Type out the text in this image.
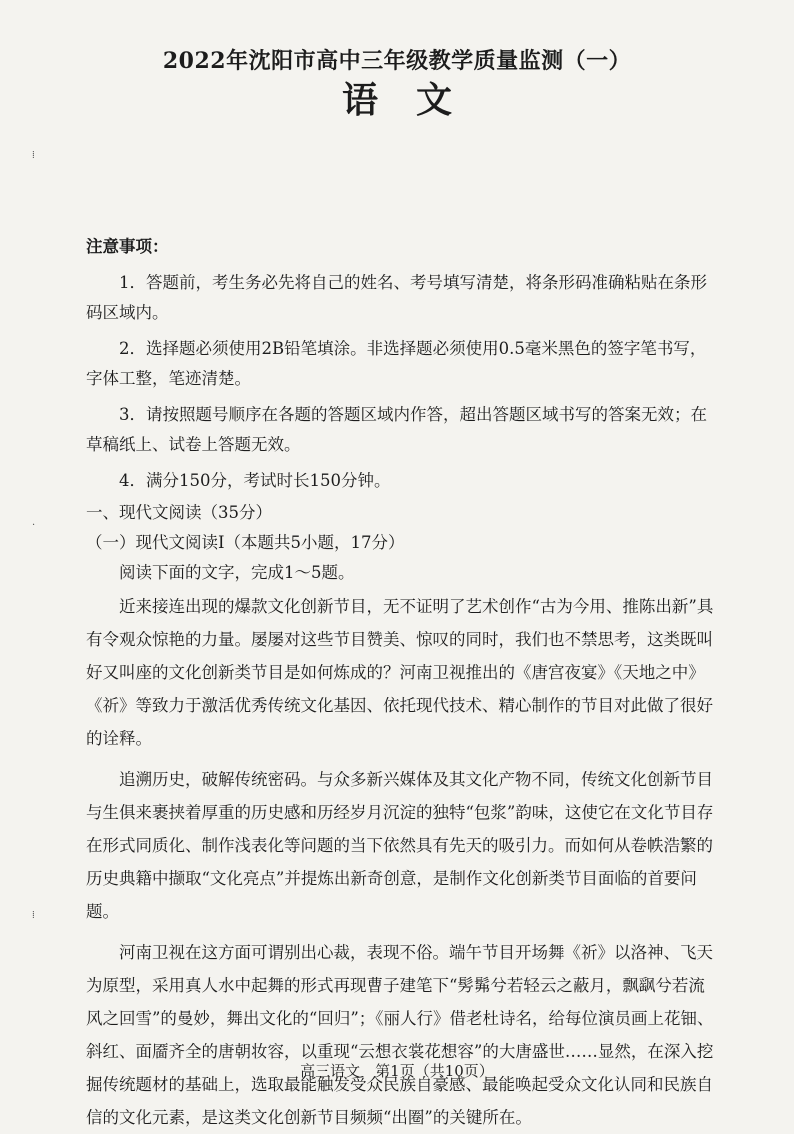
⁞
·
⁞
2022年沈阳市高中三年级教学质量监测（一）
语文

注意事项：

1．答题前，考生务必先将自己的姓名、考号填写清楚，将条形码准确粘贴在条形码区域内。

2．选择题必须使用2B铅笔填涂。非选择题必须使用0.5毫米黑色的签字笔书写，字体工整，笔迹清楚。

3．请按照题号顺序在各题的答题区域内作答，超出答题区域书写的答案无效；在草稿纸上、试卷上答题无效。

4．满分150分，考试时长150分钟。

一、现代文阅读（35分）

（一）现代文阅读Ⅰ（本题共5小题，17分）

阅读下面的文字，完成1～5题。

近来接连出现的爆款文化创新节目，无不证明了艺术创作“古为今用、推陈出新”具有令观众惊艳的力量。屡屡对这些节目赞美、惊叹的同时，我们也不禁思考，这类既叫好又叫座的文化创新类节目是如何炼成的？河南卫视推出的《唐宫夜宴》《天地之中》《祈》等致力于激活优秀传统文化基因、依托现代技术、精心制作的节目对此做了很好的诠释。

追溯历史，破解传统密码。与众多新兴媒体及其文化产物不同，传统文化创新节目与生俱来裹挟着厚重的历史感和历经岁月沉淀的独特“包浆”韵味，这使它在文化节目存在形式同质化、制作浅表化等问题的当下依然具有先天的吸引力。而如何从卷帙浩繁的历史典籍中撷取“文化亮点”并提炼出新奇创意，是制作文化创新类节目面临的首要问题。

河南卫视在这方面可谓别出心裁，表现不俗。端午节目开场舞《祈》以洛神、飞天为原型，采用真人水中起舞的形式再现曹子建笔下“髣髴兮若轻云之蔽月，飘飖兮若流风之回雪”的曼妙，舞出文化的“回归”；《丽人行》借老杜诗名，给每位演员画上花钿、斜红、面靥齐全的唐朝妆容，以重现“云想衣裳花想容”的大唐盛世……显然，在深入挖掘传统题材的基础上，选取最能触发受众民族自豪感、最能唤起受众文化认同和民族自信的文化元素，是这类文化创新节目频频“出圈”的关键所在。

高三语文　第1页（共10页）
